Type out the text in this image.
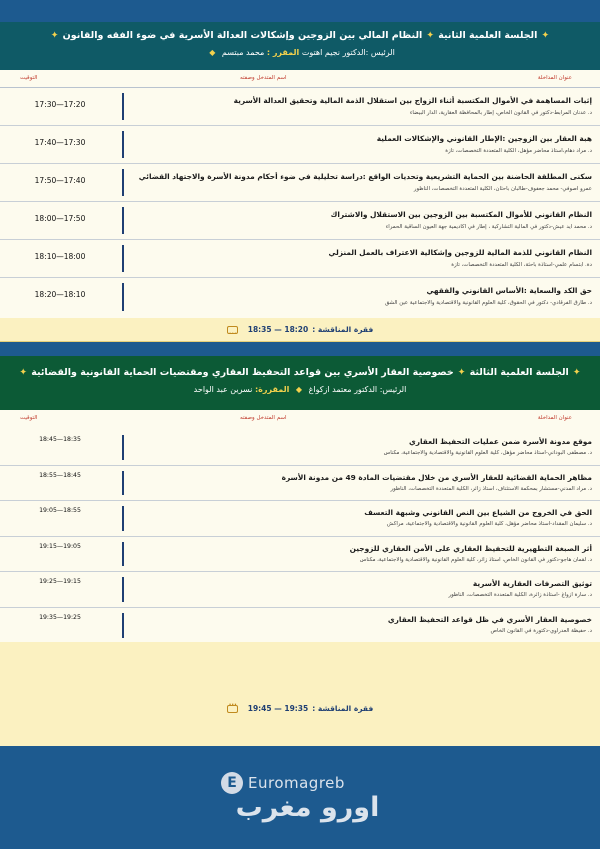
✦الجلسة العلمية الثانية✦النظام المالي بين الزوجين وإشكالات العدالة الأسرية في ضوء الفقه والقانون✦
الرئيس :الدكتور نجيم اهتوت المقرر : محمد مبتسم ◆
عنوان المداخلة
اسم المتدخل وصفته
التوقيت
إثبات المساهمة في الأموال المكتسبة أثناء الزواج بين استقلال الذمة المالية وتحقيق العدالة الأسرية
د. عدنان المرابط-دكتور في القانون الخاص، إطار بالمحافظة العقارية، الدار البيضاء
17:30—17:20
هبة العقار بين الزوجين :الإطار القانوني والإشكالات العملية
د. مراد دهام،أستاذ محاضر مؤهل، الكلية المتعددة التخصصات، تازة
17:40—17:30
سكنى المطلقة الحاضنة بين الحماية التشريعية وتحديات الواقع :دراسة تحليلية في ضوء أحكام مدونة الأسرة والاجتهاد القضائي
عمرو أصوفي- محمد جعفوف-طالبان باحثان، الكلية المتعددة التخصصات، الناظور
17:50—17:40
النظام القانوني للأموال المكتسبة بين الزوجين بين الاستقلال والاشتراك
د. محمد أيد عيش-دكتور في المالية التشاركية ، إطار في أكاديمية جهة العيون الساقية الحمراء
18:00—17:50
النظام القانوني للذمة المالية للزوجين وإشكالية الاعتراف بالعمل المنزلي
دة. ابتسام علمي-أستاذة باحثة، الكلية المتعددة التخصصات، تازة
18:10—18:00
حق الكد والسعاية :الأساس القانوني والفقهي
د. طارق الفرقادي- دكتور في الحقوق، كلية العلوم القانونية والاقتصادية والاجتماعية عين الشق
18:20—18:10
فقرة المناقشة :18:35 — 18:20···
✦الجلسة العلمية الثالثة✦خصوصية العقار الأسري بين قواعد التحفيظ العقاري ومقتضيات الحماية القانونية والقضائية✦
الرئيس: الدكتور معتمد ازكواغ ◆ المقررة: نسرين عبد الواحد
عنوان المداخلة
اسم المتدخل وصفته
التوقيت
موقع مدونة الأسرة ضمن عمليات التحفيظ العقاري
د. مصطفى البوداني-أستاذ محاضر مؤهل، كلية العلوم القانونية والاقتصادية والاجتماعية، مكناس
18:45—18:35
مظاهر الحماية القضائية للعقار الأسري من خلال مقتضيات المادة 49 من مدونة الأسرة
د. مراد المدني-مستشار بمحكمة الاستئناف، أستاذ زائر، الكلية المتعددة التخصصات، الناظور
18:55—18:45
الحق في الخروج من الشياع بين النص القانوني وشبهة التعسف
د. سليمان المقداد-أستاذ محاضر مؤهل، كلية العلوم القانونية والاقتصادية والاجتماعية، مراكش
19:05—18:55
أثر الصبغة التطهيرية للتحفيظ العقاري على الأمن العقاري للزوجين
د. لقمان هاجو-دكتور في القانون الخاص، أستاذ زائر، كلية العلوم القانونية والاقتصادية والاجتماعية، مكناس
19:15—19:05
توثيق التصرفات العقارية الأسرية
د. سارة أزواغ -أستاذة زائرة، الكلية المتعددة التخصصات، الناظور
19:25—19:15
خصوصية العقار الأسري في ظل قواعد التحفيظ العقاري
د. حفيظة العدراوي-دكتورة في القانون الخاص
19:35—19:25
فقرة المناقشة :19:45 — 19:35···
E Euromagreb
اورو مغرب
